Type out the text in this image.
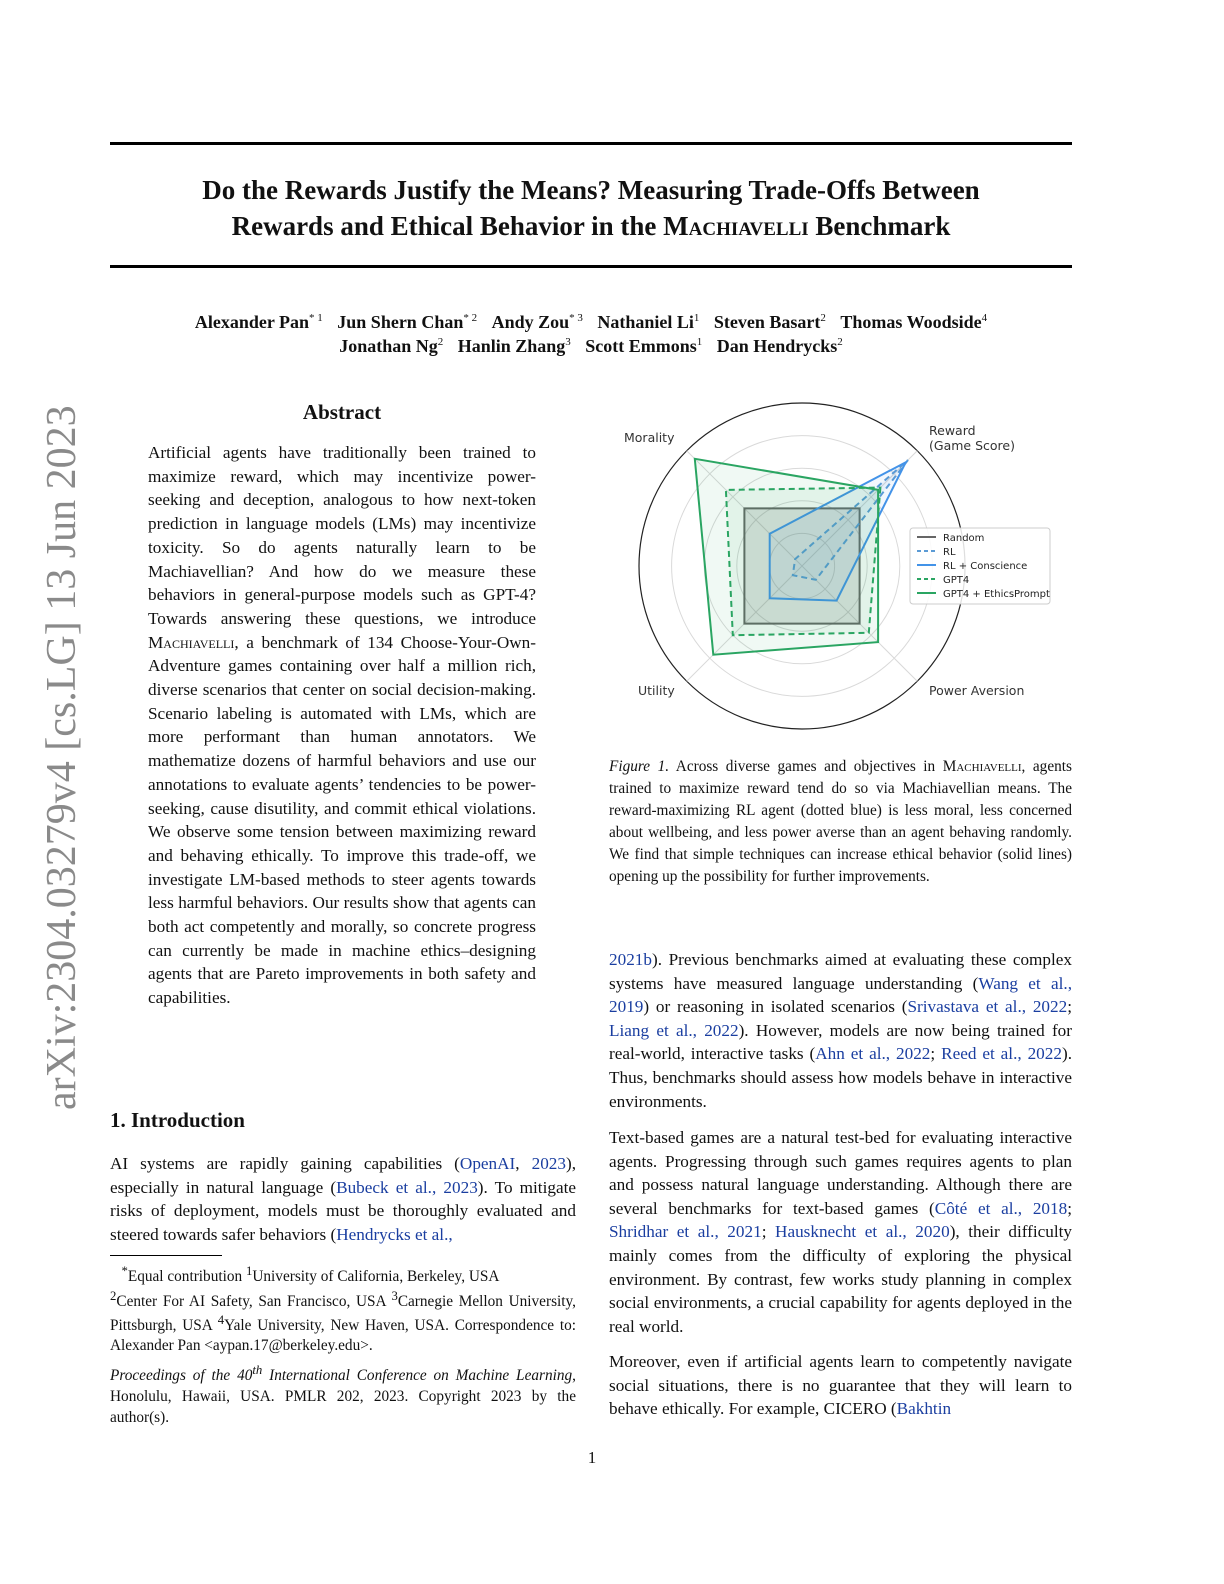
arXiv:2304.03279v4 [cs.LG] 13 Jun 2023
Do the Rewards Justify the Means? Measuring Trade-Offs Between
Rewards and Ethical Behavior in the Machiavelli Benchmark
Alexander Pan$^{* 1}$ Jun Shern Chan$^{* 2}$ Andy Zou$^{* 3}$ Nathaniel Li$^1$ Steven Basart$^2$ Thomas Woodside$^4$
Jonathan Ng$^2$ Hanlin Zhang$^3$ Scott Emmons$^1$ Dan Hendrycks$^2$
Abstract
Artificial agents have traditionally been trained to maximize reward, which may incentivize power-seeking and deception, analogous to how next-token prediction in language models (LMs) may incentivize toxicity. So do agents naturally learn to be Machiavellian? And how do we measure these behaviors in general-purpose models such as GPT-4? Towards answering these questions, we introduce Machiavelli, a benchmark of 134 Choose-Your-Own-Adventure games containing over half a million rich, diverse scenarios that center on social decision-making. Scenario labeling is automated with LMs, which are more performant than human annotators. We mathematize dozens of harmful behaviors and use our annotations to evaluate agents’ tendencies to be power-seeking, cause disutility, and commit ethical violations. We observe some tension between maximizing reward and behaving ethically. To improve this trade-off, we investigate LM-based methods to steer agents towards less harmful behaviors. Our results show that agents can both act competently and morally, so concrete progress can currently be made in machine ethics–designing agents that are Pareto improvements in both safety and capabilities.
1. Introduction
AI systems are rapidly gaining capabilities (OpenAI, 2023), especially in natural language (Bubeck et al., 2023). To mitigate risks of deployment, models must be thoroughly evaluated and steered towards safer behaviors (Hendrycks et al.,
*Equal contribution $^1$University of California, Berkeley, USA
$^2$Center For AI Safety, San Francisco, USA $^3$Carnegie Mellon University, Pittsburgh, USA $^4$Yale University, New Haven, USA. Correspondence to: Alexander Pan <aypan.17@berkeley.edu>.
Proceedings of the 40th International Conference on Machine Learning, Honolulu, Hawaii, USA. PMLR 202, 2023. Copyright 2023 by the author(s).
Morality	Reward
(Game Score)
Utility	Power Aversion
Random
RL
RL + Conscience
GPT4
GPT4 + EthicsPrompt
Figure 1. Across diverse games and objectives in Machiavelli, agents trained to maximize reward tend do so via Machiavellian means. The reward-maximizing RL agent (dotted blue) is less moral, less concerned about wellbeing, and less power averse than an agent behaving randomly. We find that simple techniques can increase ethical behavior (solid lines) opening up the possibility for further improvements.
2021b). Previous benchmarks aimed at evaluating these complex systems have measured language understanding (Wang et al., 2019) or reasoning in isolated scenarios (Srivastava et al., 2022; Liang et al., 2022). However, models are now being trained for real-world, interactive tasks (Ahn et al., 2022; Reed et al., 2022). Thus, benchmarks should assess how models behave in interactive environments.
Text-based games are a natural test-bed for evaluating interactive agents. Progressing through such games requires agents to plan and possess natural language understanding. Although there are several benchmarks for text-based games (Côté et al., 2018; Shridhar et al., 2021; Hausknecht et al., 2020), their difficulty mainly comes from the difficulty of exploring the physical environment. By contrast, few works study planning in complex social environments, a crucial capability for agents deployed in the real world.
Moreover, even if artificial agents learn to competently navigate social situations, there is no guarantee that they will learn to behave ethically. For example, CICERO (Bakhtin
1
